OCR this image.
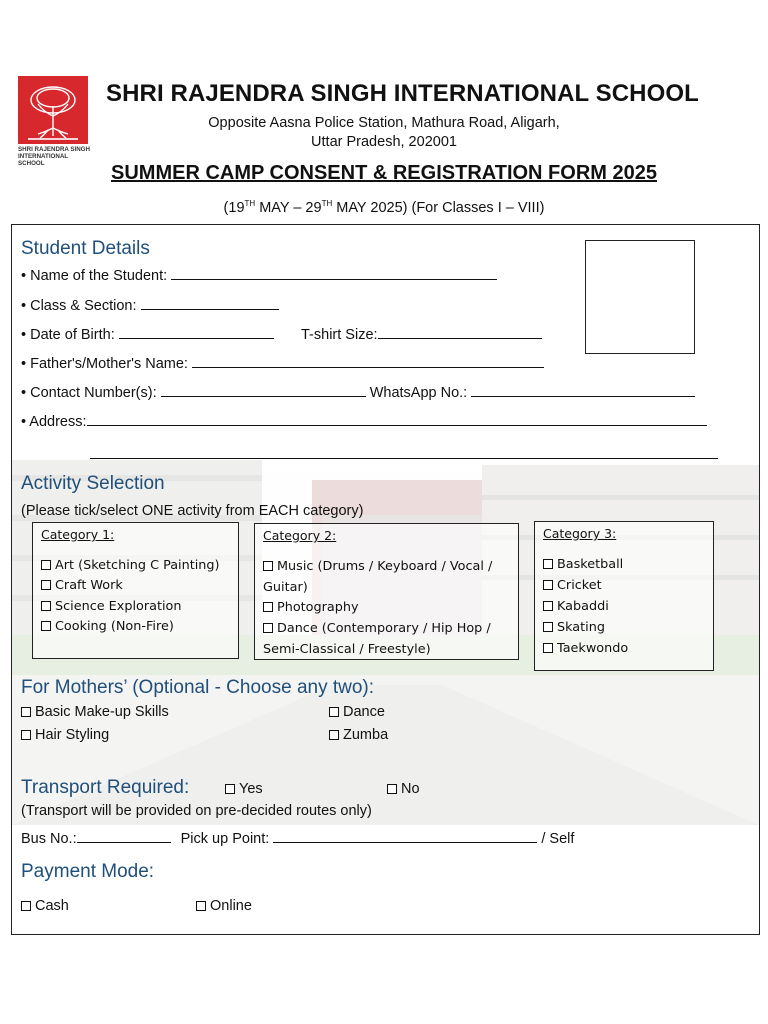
SHRI RAJENDRA SINGH
INTERNATIONAL SCHOOL
SHRI RAJENDRA SINGH INTERNATIONAL SCHOOL
Opposite Aasna Police Station, Mathura Road, Aligarh,
Uttar Pradesh, 202001
SUMMER CAMP CONSENT & REGISTRATION FORM 2025
(19TH MAY – 29TH MAY 2025) (For Classes I – VIII)
Student Details
• Name of the Student:
• Class & Section:
• Date of Birth:	T-shirt Size:
• Father's/Mother's Name:
• Contact Number(s):	WhatsApp No.:
• Address:
Activity Selection
(Please tick/select ONE activity from EACH category)
Category 1:
Art (Sketching C Painting)
Craft Work
Science Exploration
Cooking (Non-Fire)
Category 2:
Music (Drums / Keyboard / Vocal /
Guitar)
Photography
Dance (Contemporary / Hip Hop /
Semi-Classical / Freestyle)
Category 3:
Basketball
Cricket
Kabaddi
Skating
Taekwondo
For Mothers’ (Optional - Choose any two):
Basic Make-up Skills	Dance
Hair Styling	Zumba
Transport Required:	Yes	No
(Transport will be provided on pre-decided routes only)
Bus No.:	Pick up Point:	/ Self
Payment Mode:
Cash	Online
